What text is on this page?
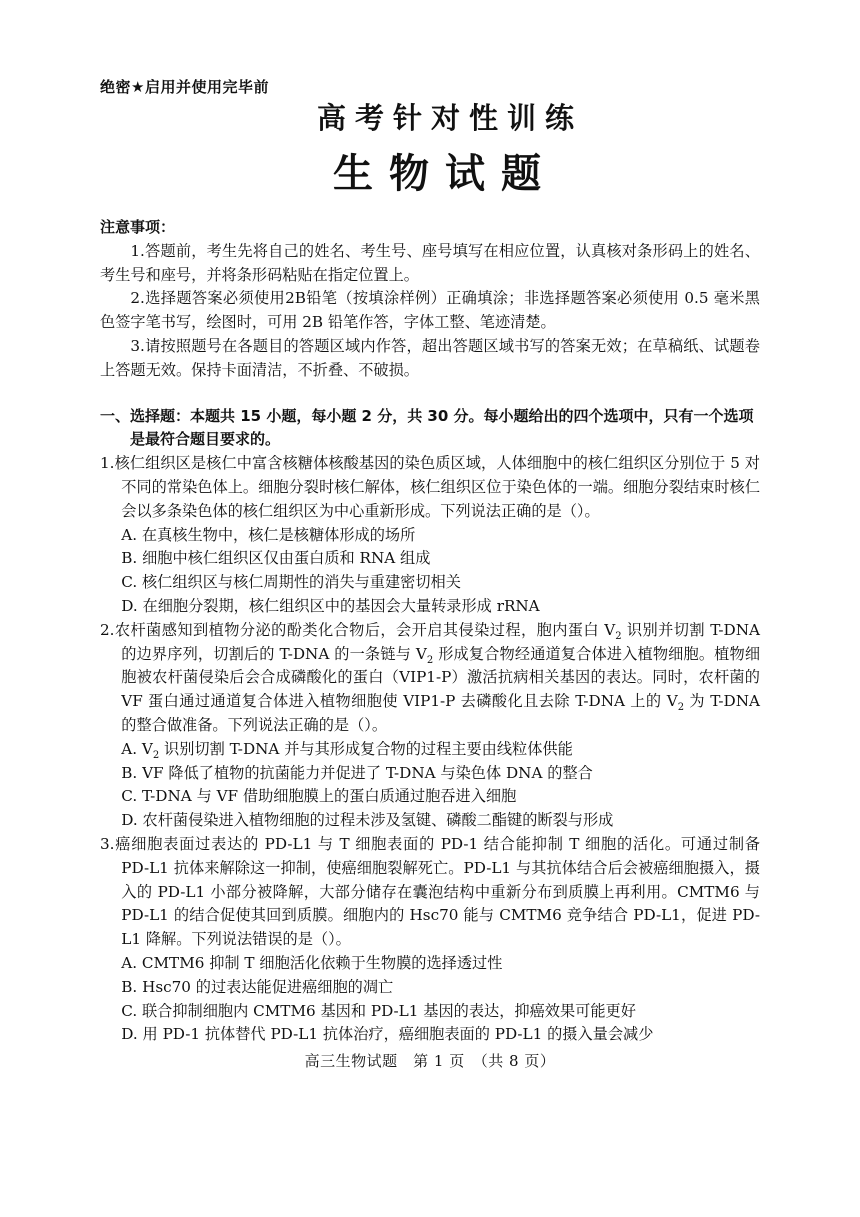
绝密★启用并使用完毕前
高考针对性训练
生物试题
注意事项：

1.答题前，考生先将自己的姓名、考生号、座号填写在相应位置，认真核对条形码上的姓名、考生号和座号，并将条形码粘贴在指定位置上。

2.选择题答案必须使用2B铅笔（按填涂样例）正确填涂；非选择题答案必须使用 0.5 毫米黑色签字笔书写，绘图时，可用 2B 铅笔作答，字体工整、笔迹清楚。

3.请按照题号在各题目的答题区域内作答，超出答题区域书写的答案无效；在草稿纸、试题卷上答题无效。保持卡面清洁，不折叠、不破损。

一、选择题：本题共 15 小题，每小题 2 分，共 30 分。每小题给出的四个选项中，只有一个选项是最符合题目要求的。

1.核仁组织区是核仁中富含核糖体核酸基因的染色质区域，人体细胞中的核仁组织区分别位于 5 对不同的常染色体上。细胞分裂时核仁解体，核仁组织区位于染色体的一端。细胞分裂结束时核仁会以多条染色体的核仁组织区为中心重新形成。下列说法正确的是（）。

A. 在真核生物中，核仁是核糖体形成的场所

B. 细胞中核仁组织区仅由蛋白质和 RNA 组成

C. 核仁组织区与核仁周期性的消失与重建密切相关

D. 在细胞分裂期，核仁组织区中的基因会大量转录形成 rRNA

2.农杆菌感知到植物分泌的酚类化合物后，会开启其侵染过程，胞内蛋白 $V_2$ 识别并切割 T-DNA 的边界序列，切割后的 T-DNA 的一条链与 $V_2$ 形成复合物经通道复合体进入植物细胞。植物细胞被农杆菌侵染后会合成磷酸化的蛋白（VIP1-P）激活抗病相关基因的表达。同时，农杆菌的 VF 蛋白通过通道复合体进入植物细胞使 VIP1-P 去磷酸化且去除 T-DNA 上的 $V_2$ 为 T-DNA 的整合做准备。下列说法正确的是（）。

A. $V_2$ 识别切割 T-DNA 并与其形成复合物的过程主要由线粒体供能

B. VF 降低了植物的抗菌能力并促进了 T-DNA 与染色体 DNA 的整合

C. T-DNA 与 VF 借助细胞膜上的蛋白质通过胞吞进入细胞

D. 农杆菌侵染进入植物细胞的过程未涉及氢键、磷酸二酯键的断裂与形成

3.癌细胞表面过表达的 PD-L1 与 T 细胞表面的 PD-1 结合能抑制 T 细胞的活化。可通过制备 PD-L1 抗体来解除这一抑制，使癌细胞裂解死亡。PD-L1 与其抗体结合后会被癌细胞摄入，摄入的 PD-L1 小部分被降解，大部分储存在囊泡结构中重新分布到质膜上再利用。CMTM6 与 PD-L1 的结合促使其回到质膜。细胞内的 Hsc70 能与 CMTM6 竞争结合 PD-L1，促进 PD-L1 降解。下列说法错误的是（）。

A. CMTM6 抑制 T 细胞活化依赖于生物膜的选择透过性

B. Hsc70 的过表达能促进癌细胞的凋亡

C. 联合抑制细胞内 CMTM6 基因和 PD-L1 基因的表达，抑癌效果可能更好

D. 用 PD-1 抗体替代 PD-L1 抗体治疗，癌细胞表面的 PD-L1 的摄入量会减少

高三生物试题　第 1 页　（共 8 页）
